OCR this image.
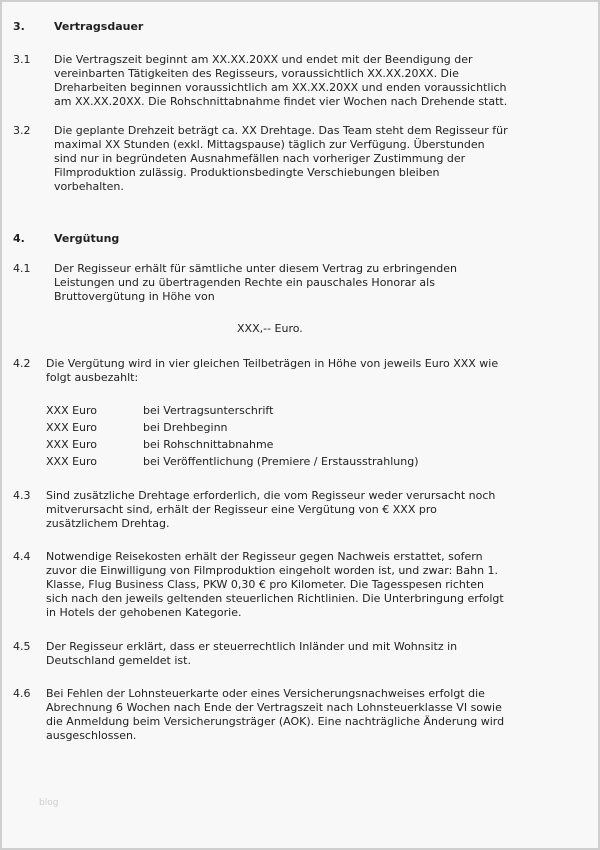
3.	Vertragsdauer
4.	Vergütung
XXX,-- Euro.
XXX Euro	bei Vertragsunterschrift
XXX Euro	bei Drehbeginn
XXX Euro	bei Rohschnittabnahme
XXX Euro	bei Veröffentlichung (Premiere / Erstausstrahlung)
3.1 Die Vertragszeit beginnt am XX.XX.20XX und endet mit der Beendigung der
vereinbarten Tätigkeiten des Regisseurs, voraussichtlich XX.XX.20XX. Die
Dreharbeiten beginnen voraussichtlich am XX.XX.20XX und enden voraussichtlich
am XX.XX.20XX. Die Rohschnittabnahme findet vier Wochen nach Drehende statt.
3.2 Die geplante Drehzeit beträgt ca. XX Drehtage. Das Team steht dem Regisseur für
maximal XX Stunden (exkl. Mittagspause) täglich zur Verfügung. Überstunden
sind nur in begründeten Ausnahmefällen nach vorheriger Zustimmung der
Filmproduktion zulässig. Produktionsbedingte Verschiebungen bleiben
vorbehalten.
4.1 Der Regisseur erhält für sämtliche unter diesem Vertrag zu erbringenden
Leistungen und zu übertragenden Rechte ein pauschales Honorar als
Bruttovergütung in Höhe von
4.2 Die Vergütung wird in vier gleichen Teilbeträgen in Höhe von jeweils Euro XXX wie
folgt ausbezahlt:
4.3 Sind zusätzliche Drehtage erforderlich, die vom Regisseur weder verursacht noch
mitverursacht sind, erhält der Regisseur eine Vergütung von € XXX pro
zusätzlichem Drehtag.
4.4 Notwendige Reisekosten erhält der Regisseur gegen Nachweis erstattet, sofern
zuvor die Einwilligung von Filmproduktion eingeholt worden ist, und zwar: Bahn 1.
Klasse, Flug Business Class, PKW 0,30 € pro Kilometer. Die Tagesspesen richten
sich nach den jeweils geltenden steuerlichen Richtlinien. Die Unterbringung erfolgt
in Hotels der gehobenen Kategorie.
4.5 Der Regisseur erklärt, dass er steuerrechtlich Inländer und mit Wohnsitz in
Deutschland gemeldet ist.
4.6 Bei Fehlen der Lohnsteuerkarte oder eines Versicherungsnachweises erfolgt die
Abrechnung 6 Wochen nach Ende der Vertragszeit nach Lohnsteuerklasse VI sowie
die Anmeldung beim Versicherungsträger (AOK). Eine nachträgliche Änderung wird
ausgeschlossen.
blog
